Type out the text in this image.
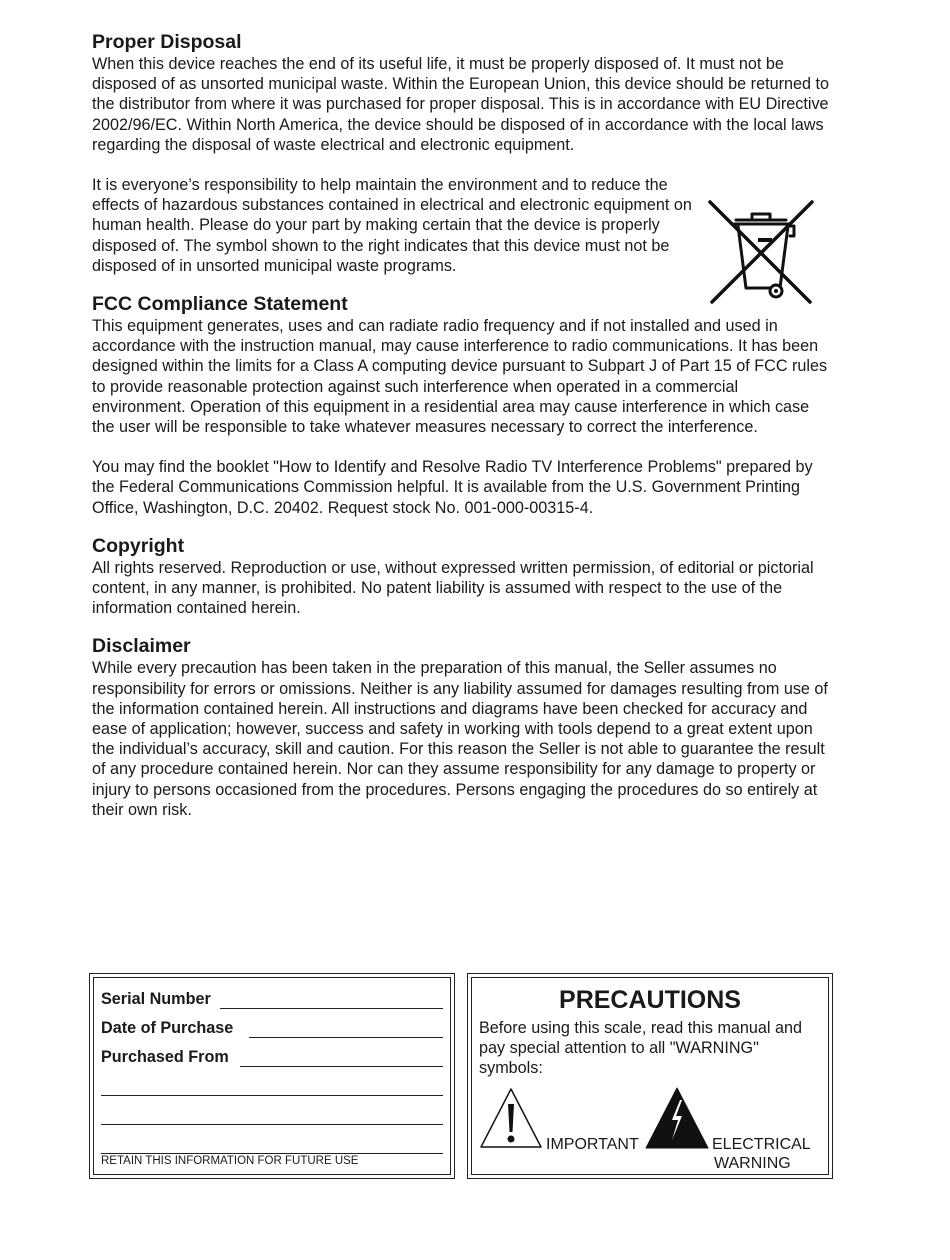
Proper Disposal

When this device reaches the end of its useful life, it must be properly disposed of. It must not be disposed of as unsorted municipal waste. Within the European Union, this device should be returned to the distributor from where it was purchased for proper disposal. This is in accordance with EU Directive 2002/96/EC. Within North America, the device should be disposed of in accordance with the local laws regarding the disposal of waste electrical and electronic equipment.

It is everyone’s responsibility to help maintain the environment and to reduce the effects of hazardous substances contained in electrical and electronic equipment on human health. Please do your part by making certain that the device is properly disposed of. The symbol shown to the right indicates that this device must not be disposed of in unsorted municipal waste programs.

FCC Compliance Statement

This equipment generates, uses and can radiate radio frequency and if not installed and used in accordance with the instruction manual, may cause interference to radio communications. It has been designed within the limits for a Class A computing device pursuant to Subpart J of Part 15 of FCC rules to provide reasonable protection against such interference when operated in a commercial environment. Operation of this equipment in a residential area may cause interference in which case the user will be responsible to take whatever measures necessary to correct the interference.

You may find the booklet "How to Identify and Resolve Radio TV Interference Problems" prepared by the Federal Communications Commission helpful. It is available from the U.S. Government Printing Office, Washington, D.C. 20402. Request stock No. 001-000-00315-4.

Copyright

All rights reserved. Reproduction or use, without expressed written permission, of editorial or pictorial content, in any manner, is prohibited. No patent liability is assumed with respect to the use of the information contained herein.

Disclaimer

While every precaution has been taken in the preparation of this manual, the Seller assumes no responsibility for errors or omissions. Neither is any liability assumed for damages resulting from use of the information contained herein. All instructions and diagrams have been checked for accuracy and ease of application; however, success and safety in working with tools depend to a great extent upon the individual’s accuracy, skill and caution. For this reason the Seller is not able to guarantee the result of any procedure contained herein. Nor can they assume responsibility for any damage to property or injury to persons occasioned from the procedures. Persons engaging the procedures do so entirely at their own risk.

Serial Number
Date of Purchase
Purchased From
RETAIN THIS INFORMATION FOR FUTURE USE
PRECAUTIONS
Before using this scale, read this manual and pay special attention to all "WARNING" symbols:
IMPORTANT	ELECTRICAL
WARNING
